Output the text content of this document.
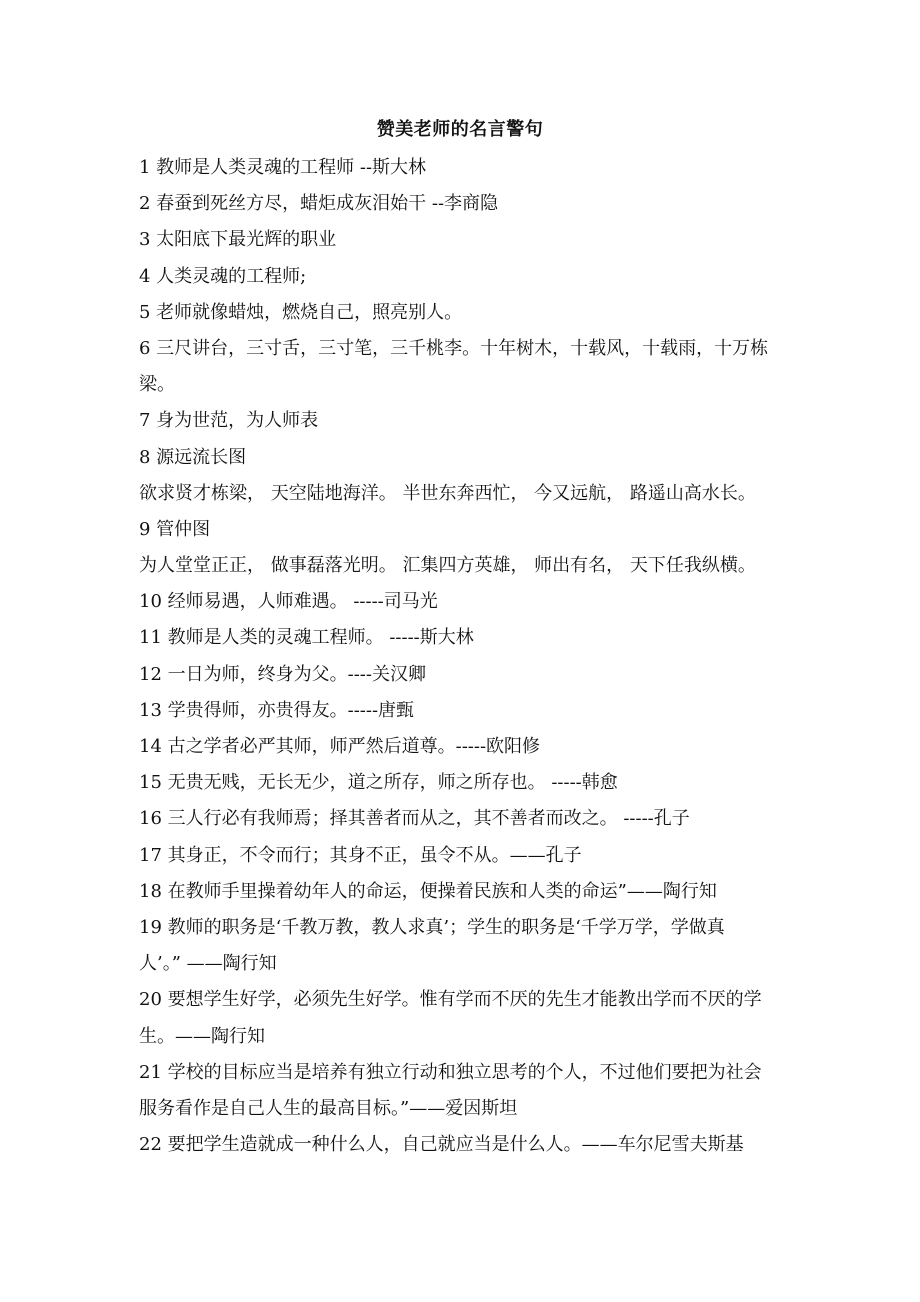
赞美老师的名言警句
1 教师是人类灵魂的工程师 --斯大林
2 春蚕到死丝方尽，蜡炬成灰泪始干 --李商隐
3 太阳底下最光辉的职业
4 人类灵魂的工程师;
5 老师就像蜡烛，燃烧自己，照亮别人。
6 三尺讲台，三寸舌，三寸笔，三千桃李。十年树木，十载风，十载雨，十万栋
梁。
7 身为世范，为人师表
8 源远流长图
欲求贤才栋梁， 天空陆地海洋。 半世东奔西忙， 今又远航， 路遥山高水长。
9 管仲图
为人堂堂正正， 做事磊落光明。 汇集四方英雄， 师出有名， 天下任我纵横。
10 经师易遇，人师难遇。 -----司马光
11 教师是人类的灵魂工程师。 -----斯大林
12 一日为师，终身为父。----关汉卿
13 学贵得师，亦贵得友。-----唐甄
14 古之学者必严其师，师严然后道尊。-----欧阳修
15 无贵无贱，无长无少，道之所存，师之所存也。 -----韩愈
16 三人行必有我师焉；择其善者而从之，其不善者而改之。 -----孔子
17 其身正，不令而行；其身不正，虽令不从。——孔子
18 在教师手里操着幼年人的命运，便操着民族和人类的命运”——陶行知
19 教师的职务是‘千教万教，教人求真’；学生的职务是‘千学万学，学做真
人’。” ——陶行知
20 要想学生好学，必须先生好学。惟有学而不厌的先生才能教出学而不厌的学
生。——陶行知
21 学校的目标应当是培养有独立行动和独立思考的个人，不过他们要把为社会
服务看作是自己人生的最高目标。”——爱因斯坦
22 要把学生造就成一种什么人，自己就应当是什么人。——车尔尼雪夫斯基
